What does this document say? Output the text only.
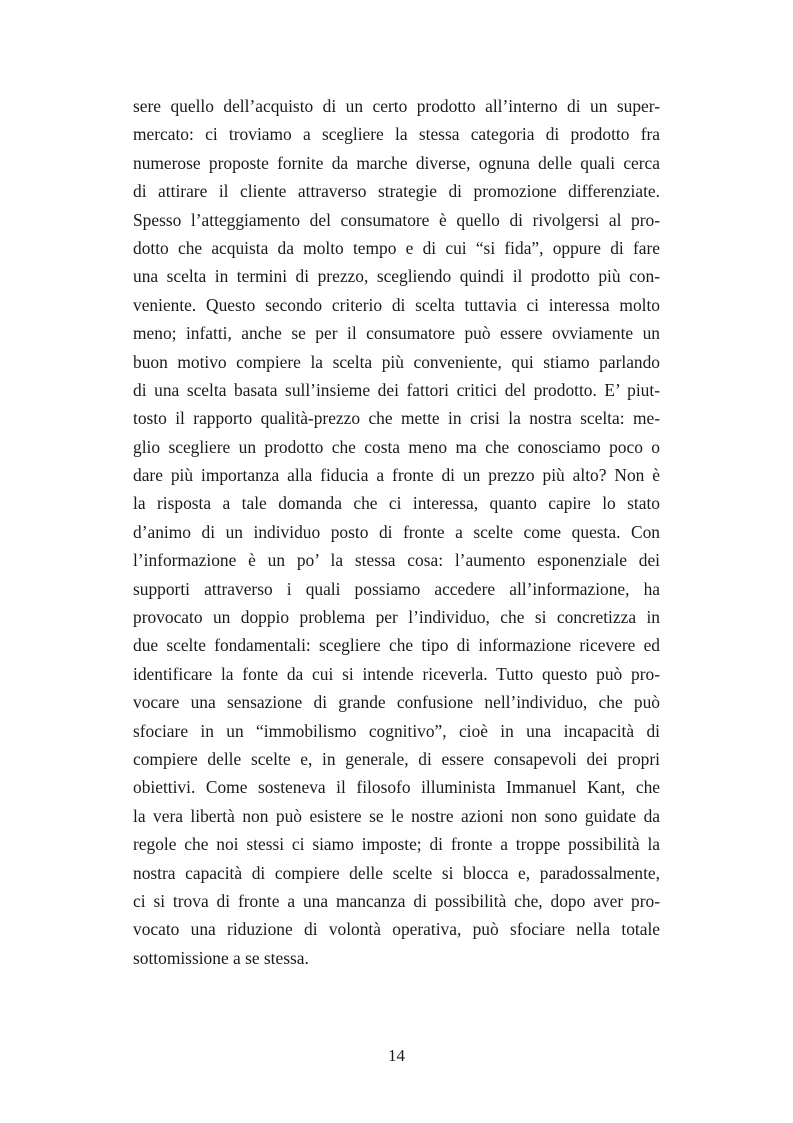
sere quello dell’acquisto di un certo prodotto all’interno di un super-
mercato: ci troviamo a scegliere la stessa categoria di prodotto fra
numerose proposte fornite da marche diverse, ognuna delle quali cerca
di attirare il cliente attraverso strategie di promozione differenziate.
Spesso l’atteggiamento del consumatore è quello di rivolgersi al pro-
dotto che acquista da molto tempo e di cui “si fida”, oppure di fare
una scelta in termini di prezzo, scegliendo quindi il prodotto più con-
veniente. Questo secondo criterio di scelta tuttavia ci interessa molto
meno; infatti, anche se per il consumatore può essere ovviamente un
buon motivo compiere la scelta più conveniente, qui stiamo parlando
di una scelta basata sull’insieme dei fattori critici del prodotto. E’ piut-
tosto il rapporto qualità-prezzo che mette in crisi la nostra scelta: me-
glio scegliere un prodotto che costa meno ma che conosciamo poco o
dare più importanza alla fiducia a fronte di un prezzo più alto? Non è
la risposta a tale domanda che ci interessa, quanto capire lo stato
d’animo di un individuo posto di fronte a scelte come questa. Con
l’informazione è un po’ la stessa cosa: l’aumento esponenziale dei
supporti attraverso i quali possiamo accedere all’informazione, ha
provocato un doppio problema per l’individuo, che si concretizza in
due scelte fondamentali: scegliere che tipo di informazione ricevere ed
identificare la fonte da cui si intende riceverla. Tutto questo può pro-
vocare una sensazione di grande confusione nell’individuo, che può
sfociare in un “immobilismo cognitivo”, cioè in una incapacità di
compiere delle scelte e, in generale, di essere consapevoli dei propri
obiettivi. Come sosteneva il filosofo illuminista Immanuel Kant, che
la vera libertà non può esistere se le nostre azioni non sono guidate da
regole che noi stessi ci siamo imposte; di fronte a troppe possibilità la
nostra capacità di compiere delle scelte si blocca e, paradossalmente,
ci si trova di fronte a una mancanza di possibilità che, dopo aver pro-
vocato una riduzione di volontà operativa, può sfociare nella totale
sottomissione a se stessa.
14
